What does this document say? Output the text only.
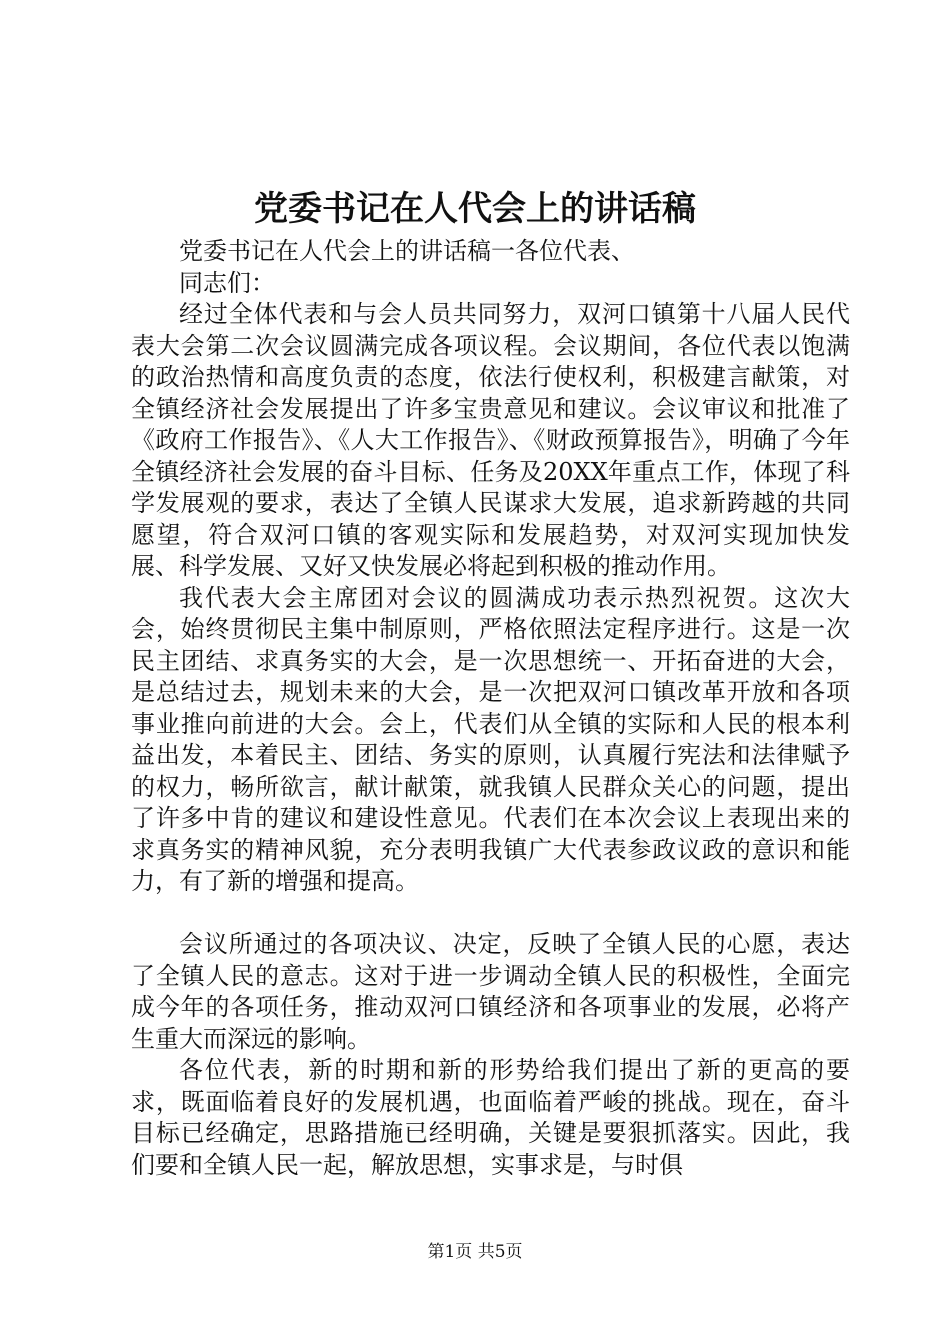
党委书记在人代会上的讲话稿

党委书记在人代会上的讲话稿一各位代表、

同志们：

经过全体代表和与会人员共同努力，双河口镇第十八届人民代表大会第二次会议圆满完成各项议程。会议期间，各位代表以饱满的政治热情和高度负责的态度，依法行使权利，积极建言献策，对全镇经济社会发展提出了许多宝贵意见和建议。会议审议和批准了《政府工作报告》、《人大工作报告》、《财政预算报告》，明确了今年全镇经济社会发展的奋斗目标、任务及20XX年重点工作，体现了科学发展观的要求，表达了全镇人民谋求大发展，追求新跨越的共同愿望，符合双河口镇的客观实际和发展趋势，对双河实现加快发展、科学发展、又好又快发展必将起到积极的推动作用。

我代表大会主席团对会议的圆满成功表示热烈祝贺。这次大会，始终贯彻民主集中制原则，严格依照法定程序进行。这是一次民主团结、求真务实的大会，是一次思想统一、开拓奋进的大会，是总结过去，规划未来的大会，是一次把双河口镇改革开放和各项事业推向前进的大会。会上，代表们从全镇的实际和人民的根本利益出发，本着民主、团结、务实的原则，认真履行宪法和法律赋予的权力，畅所欲言，献计献策，就我镇人民群众关心的问题，提出了许多中肯的建议和建设性意见。代表们在本次会议上表现出来的求真务实的精神风貌，充分表明我镇广大代表参政议政的意识和能力，有了新的增强和提高。

会议所通过的各项决议、决定，反映了全镇人民的心愿，表达了全镇人民的意志。这对于进一步调动全镇人民的积极性，全面完成今年的各项任务，推动双河口镇经济和各项事业的发展，必将产生重大而深远的影响。

各位代表，新的时期和新的形势给我们提出了新的更高的要求，既面临着良好的发展机遇，也面临着严峻的挑战。现在，奋斗目标已经确定，思路措施已经明确，关键是要狠抓落实。因此，我们要和全镇人民一起，解放思想，实事求是，与时俱

第1页 共5页
